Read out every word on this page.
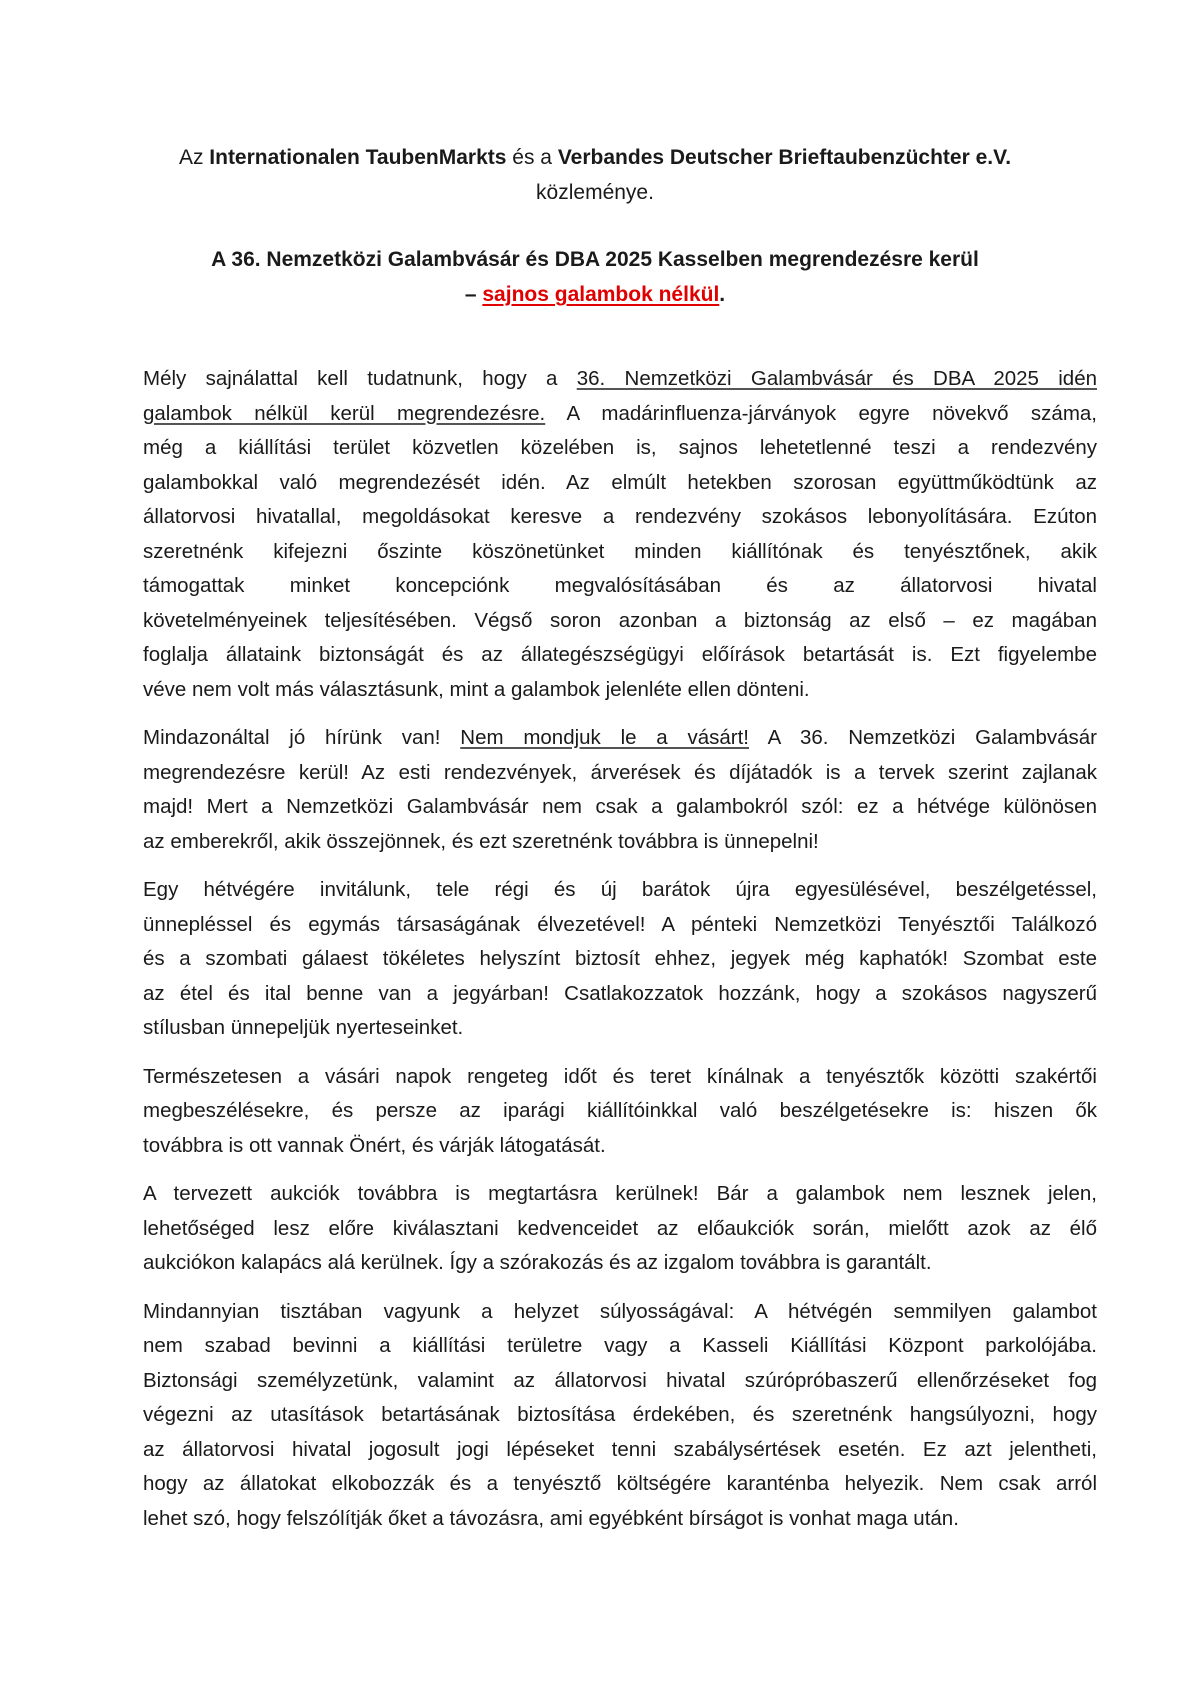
Az Internationalen TaubenMarkts és a Verbandes Deutscher Brieftaubenzüchter e.V.
közleménye.
A 36. Nemzetközi Galambvásár és DBA 2025 Kasselben megrendezésre kerül
– sajnos galambok nélkül.
Mély sajnálattal kell tudatnunk, hogy a 36. Nemzetközi Galambvásár és DBA 2025 idén
galambok nélkül kerül megrendezésre. A madárinfluenza-járványok egyre növekvő száma,
még a kiállítási terület közvetlen közelében is, sajnos lehetetlenné teszi a rendezvény
galambokkal való megrendezését idén. Az elmúlt hetekben szorosan együttműködtünk az
állatorvosi hivatallal, megoldásokat keresve a rendezvény szokásos lebonyolítására. Ezúton
szeretnénk kifejezni őszinte köszönetünket minden kiállítónak és tenyésztőnek, akik
támogattak minket koncepciónk megvalósításában és az állatorvosi hivatal
követelményeinek teljesítésében. Végső soron azonban a biztonság az első – ez magában
foglalja állataink biztonságát és az állategészségügyi előírások betartását is. Ezt figyelembe
véve nem volt más választásunk, mint a galambok jelenléte ellen dönteni.
Mindazonáltal jó hírünk van! Nem mondjuk le a vásárt! A 36. Nemzetközi Galambvásár
megrendezésre kerül! Az esti rendezvények, árverések és díjátadók is a tervek szerint zajlanak
majd! Mert a Nemzetközi Galambvásár nem csak a galambokról szól: ez a hétvége különösen
az emberekről, akik összejönnek, és ezt szeretnénk továbbra is ünnepelni!
Egy hétvégére invitálunk, tele régi és új barátok újra egyesülésével, beszélgetéssel,
ünnepléssel és egymás társaságának élvezetével! A pénteki Nemzetközi Tenyésztői Találkozó
és a szombati gálaest tökéletes helyszínt biztosít ehhez, jegyek még kaphatók! Szombat este
az étel és ital benne van a jegyárban! Csatlakozzatok hozzánk, hogy a szokásos nagyszerű
stílusban ünnepeljük nyerteseinket.
Természetesen a vásári napok rengeteg időt és teret kínálnak a tenyésztők közötti szakértői
megbeszélésekre, és persze az iparági kiállítóinkkal való beszélgetésekre is: hiszen ők
továbbra is ott vannak Önért, és várják látogatását.
A tervezett aukciók továbbra is megtartásra kerülnek! Bár a galambok nem lesznek jelen,
lehetőséged lesz előre kiválasztani kedvenceidet az előaukciók során, mielőtt azok az élő
aukciókon kalapács alá kerülnek. Így a szórakozás és az izgalom továbbra is garantált.
Mindannyian tisztában vagyunk a helyzet súlyosságával: A hétvégén semmilyen galambot
nem szabad bevinni a kiállítási területre vagy a Kasseli Kiállítási Központ parkolójába.
Biztonsági személyzetünk, valamint az állatorvosi hivatal szúrópróbaszerű ellenőrzéseket fog
végezni az utasítások betartásának biztosítása érdekében, és szeretnénk hangsúlyozni, hogy
az állatorvosi hivatal jogosult jogi lépéseket tenni szabálysértések esetén. Ez azt jelentheti,
hogy az állatokat elkobozzák és a tenyésztő költségére karanténba helyezik. Nem csak arról
lehet szó, hogy felszólítják őket a távozásra, ami egyébként bírságot is vonhat maga után.
